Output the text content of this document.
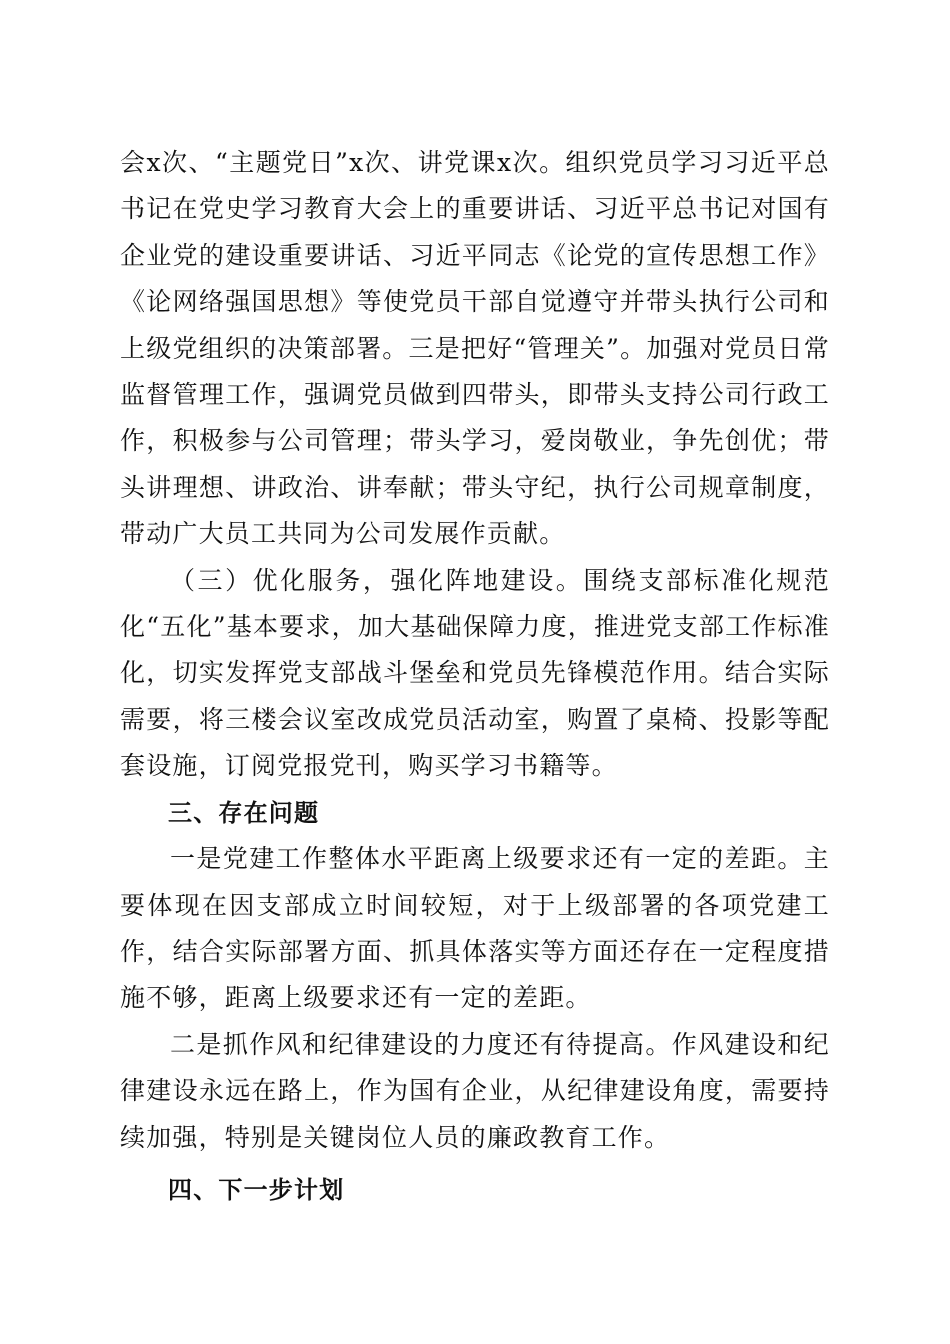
会x次、“主题党日”x次、讲党课x次。组织党员学习习近平总书记在党史学习教育大会上的重要讲话、习近平总书记对国有企业党的建设重要讲话、习近平同志《论党的宣传思想工作》《论网络强国思想》等使党员干部自觉遵守并带头执行公司和上级党组织的决策部署。三是把好“管理关”。加强对党员日常监督管理工作，强调党员做到四带头，即带头支持公司行政工作，积极参与公司管理；带头学习，爱岗敬业，争先创优；带头讲理想、讲政治、讲奉献；带头守纪，执行公司规章制度，带动广大员工共同为公司发展作贡献。

（三）优化服务，强化阵地建设。围绕支部标准化规范化“五化”基本要求，加大基础保障力度，推进党支部工作标准化，切实发挥党支部战斗堡垒和党员先锋模范作用。结合实际需要，将三楼会议室改成党员活动室，购置了桌椅、投影等配套设施，订阅党报党刊，购买学习书籍等。

三、存在问题

一是党建工作整体水平距离上级要求还有一定的差距。主要体现在因支部成立时间较短，对于上级部署的各项党建工作，结合实际部署方面、抓具体落实等方面还存在一定程度措施不够，距离上级要求还有一定的差距。

二是抓作风和纪律建设的力度还有待提高。作风建设和纪律建设永远在路上，作为国有企业，从纪律建设角度，需要持续加强，特别是关键岗位人员的廉政教育工作。

四、下一步计划
